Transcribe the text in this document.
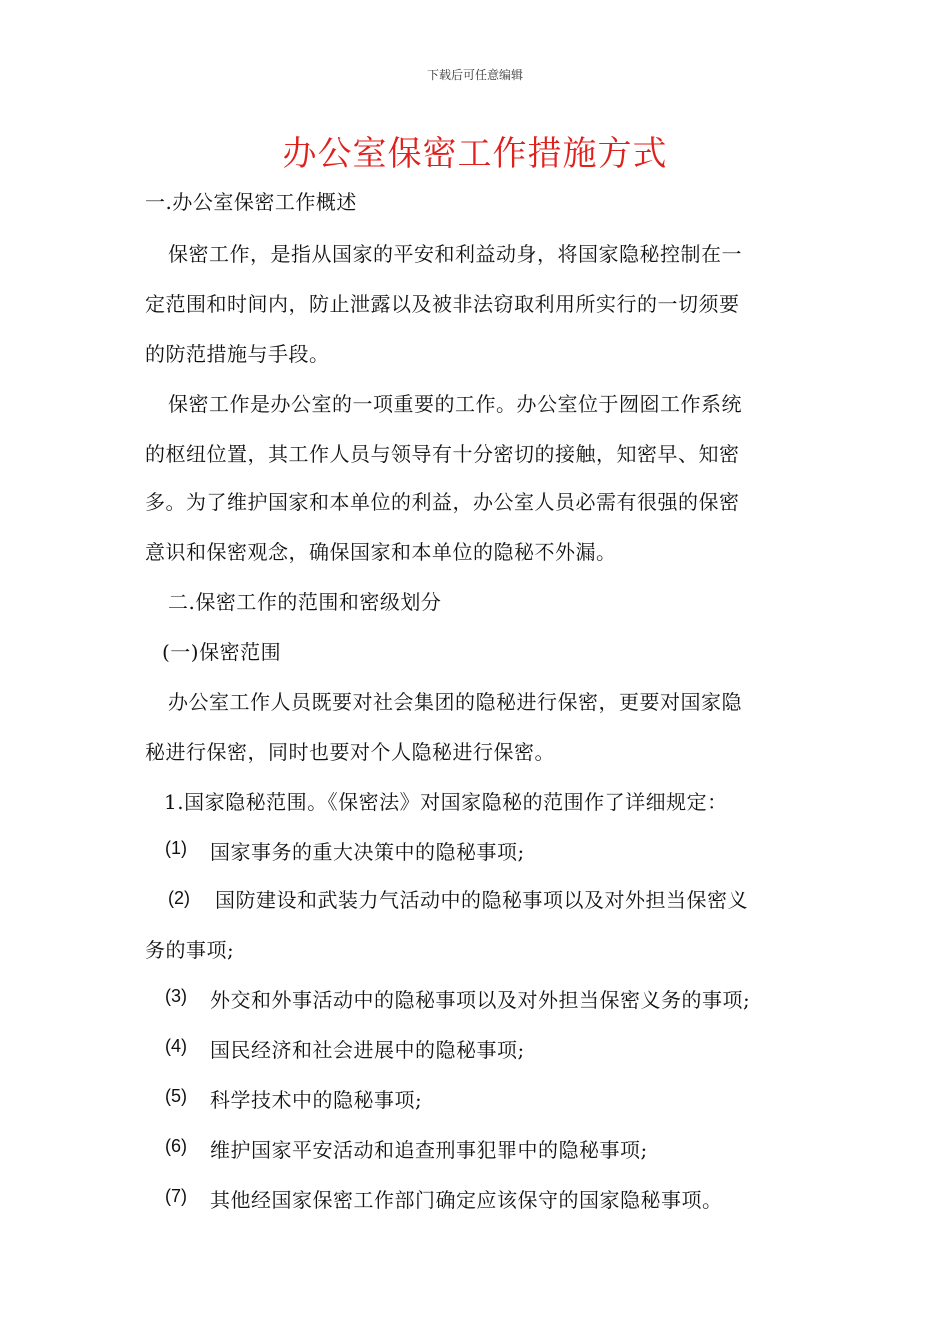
下载后可任意编辑
办公室保密工作措施方式
一.办公室保密工作概述
保密工作，是指从国家的平安和利益动身，将国家隐秘控制在一
定范围和时间内，防止泄露以及被非法窃取利用所实行的一切须要
的防范措施与手段。
保密工作是办公室的一项重要的工作。办公室位于囫囵工作系统
的枢纽位置，其工作人员与领导有十分密切的接触，知密早、知密
多。为了维护国家和本单位的利益，办公室人员必需有很强的保密
意识和保密观念，确保国家和本单位的隐秘不外漏。
二.保密工作的范围和密级划分
(一)保密范围
办公室工作人员既要对社会集团的隐秘进行保密，更要对国家隐
秘进行保密，同时也要对个人隐秘进行保密。
1.国家隐秘范围。《保密法》对国家隐秘的范围作了详细规定：
(1) 国家事务的重大决策中的隐秘事项;
(2) 国防建设和武装力气活动中的隐秘事项以及对外担当保密义
务的事项;
(3) 外交和外事活动中的隐秘事项以及对外担当保密义务的事项;
(4) 国民经济和社会进展中的隐秘事项;
(5) 科学技术中的隐秘事项;
(6) 维护国家平安活动和追查刑事犯罪中的隐秘事项;
(7) 其他经国家保密工作部门确定应该保守的国家隐秘事项。
